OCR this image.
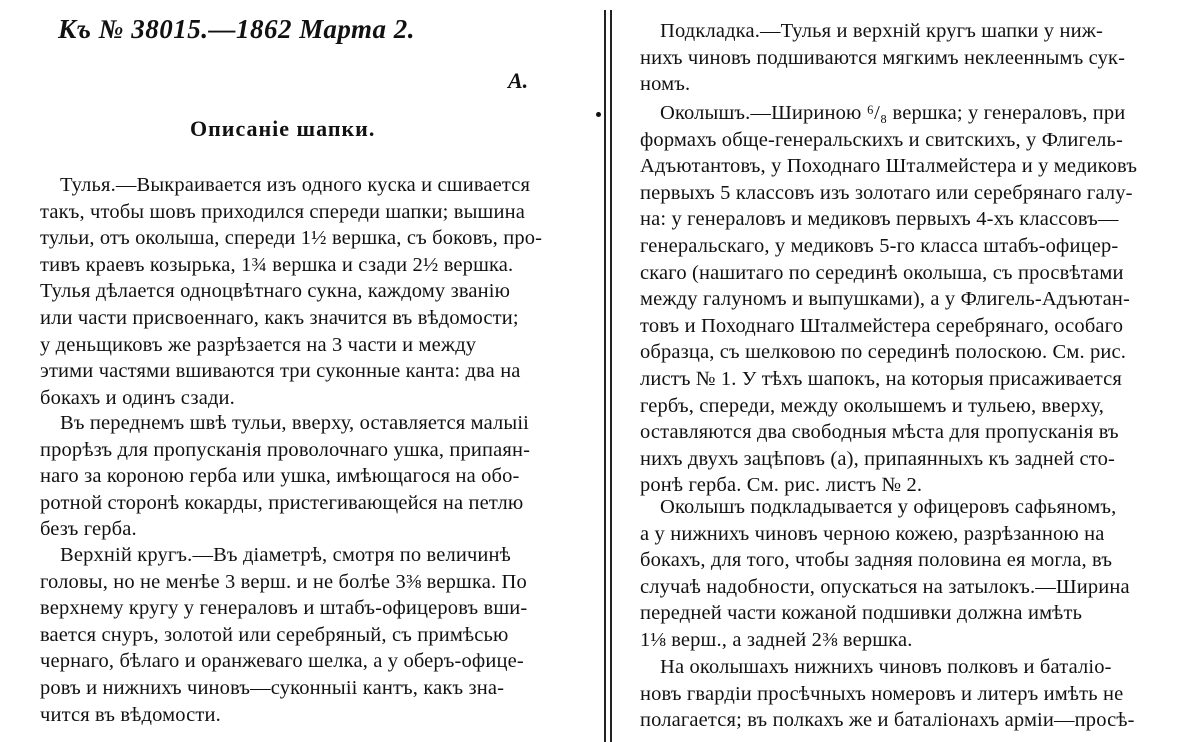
Къ № 38015.—1862 Марта 2.
А.
Описаніе шапки.

Тулья.—Выкраивается изъ одного куска и сшивается
такъ, чтобы шовъ приходился спереди шапки; вышина
тульи, отъ околыша, спереди 1½ вершка, съ боковъ, про-
тивъ краевъ козырька, 1¾ вершка и сзади 2½ вершка.
Тулья дѣлается одноцвѣтнаго сукна, каждому званію
или части присвоеннаго, какъ значится въ вѣдомости;
у деньщиковъ же разрѣзается на 3 части и между
этими частями вшиваются три суконные канта: два на
бокахъ и одинъ сзади.

Въ переднемъ швѣ тульи, вверху, оставляется малыii
прорѣзъ для пропусканія проволочнаго ушка, припаян-
наго за короною герба или ушка, имѣющагося на обо-
ротной сторонѣ кокарды, пристегивающейся на петлю
безъ герба.

Верхній кругъ.—Въ діаметрѣ, смотря по величинѣ
головы, но не менѣе 3 верш. и не болѣе 3⅜ вершка. По
верхнему кругу у генераловъ и штабъ-офицеровъ вши-
вается снуръ, золотой или серебряный, съ примѣсью
чернаго, бѣлаго и оранжеваго шелка, а у оберъ-офице-
ровъ и нижнихъ чиновъ—суконныiі кантъ, какъ зна-
чится въ вѣдомости.

Подкладка.—Тулья и верхній кругъ шапки у ниж-
нихъ чиновъ подшиваются мягкимъ неклееннымъ сук-
номъ.

Околышъ.—Шириною ⁶/₈ вершка; у генераловъ, при
формахъ обще-генеральскихъ и свитскихъ, у Флигель-
Адъютантовъ, у Походнаго Шталмейстера и у медиковъ
первыхъ 5 классовъ изъ золотаго или серебрянаго галу-
на: у генераловъ и медиковъ первыхъ 4-хъ классовъ—
генеральскаго, у медиковъ 5-го класса штабъ-офицер-
скаго (нашитаго по серединѣ околыша, съ просвѣтами
между галуномъ и выпушками), а у Флигель-Адъютан-
товъ и Походнаго Шталмейстера серебрянаго, особаго
образца, съ шелковою по серединѣ полоскою. См. рис.
листъ № 1. У тѣхъ шапокъ, на которыя присаживается
гербъ, спереди, между околышемъ и тульею, вверху,
оставляются два свободныя мѣста для пропусканія въ
нихъ двухъ зацѣповъ (а), припаянныхъ къ задней сто-
ронѣ герба. См. рис. листъ № 2.

Околышъ подкладывается у офицеровъ сафьяномъ,
а у нижнихъ чиновъ черною кожею, разрѣзанною на
бокахъ, для того, чтобы задняя половина ея могла, въ
случаѣ надобности, опускаться на затылокъ.—Ширина
передней части кожаной подшивки должна имѣть
1⅛ верш., а задней 2⅜ вершка.

На околышахъ нижнихъ чиновъ полковъ и баталіо-
новъ гвардіи просѣчныхъ номеровъ и литеръ имѣть не
полагается; въ полкахъ же и баталіонахъ арміи—просѣ-
